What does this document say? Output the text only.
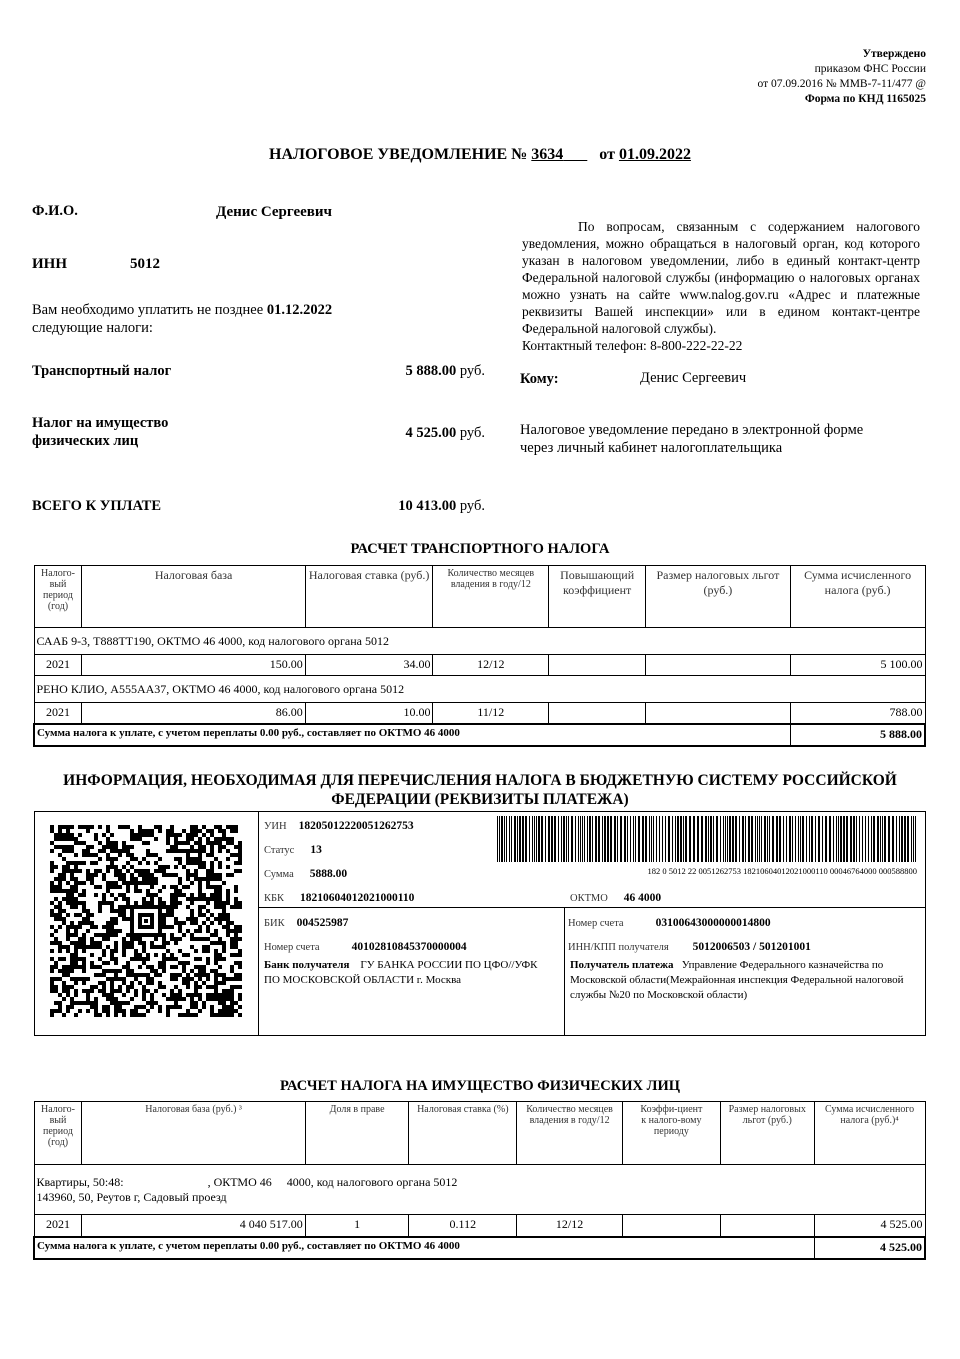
Утверждено
приказом ФНС России
от 07.09.2016 № ММВ-7-11/477 @
Форма по КНД 1165025
НАЛОГОВОЕ УВЕДОМЛЕНИЕ № 3634 от 01.09.2022
Ф.И.О.	Денис Сергеевич
ИНН	5012
Вам необходимо уплатить не позднее 01.12.2022
следующие налоги:
Транспортный налог	5 888.00 руб.
Налог на имущество
физических лиц	4 525.00 руб.
ВСЕГО К УПЛАТЕ	10 413.00 руб.
По вопросам, связанным с содержанием налогового уведомления, можно обращаться в налоговый орган, код которого указан в налоговом уведомлении, либо в единый контакт-центр Федеральной налоговой службы (информацию о налоговых органах можно узнать на сайте www.nalog.gov.ru «Адрес и платежные реквизиты Вашей инспекции» или в едином контакт-центре Федеральной налоговой службы).
Контактный телефон: 8-800-222-22-22
Кому:	Денис Сергеевич
Налоговое уведомление передано в электронной форме
через личный кабинет налогоплательщика
РАСЧЕТ ТРАНСПОРТНОГО НАЛОГА
Налого-вый период (год)	Налоговая база	Налоговая ставка (руб.)	Количество месяцев владения в году/12	Повышающий коэффициент	Размер налоговых льгот (руб.)	Сумма исчисленного налога (руб.)
СААБ 9-3, Т888ТТ190, ОКТМО 46 4000, код налогового органа 5012						
2021	150.00	34.00	12/12			5 100.00
РЕНО КЛИО, А555АА37, ОКТМО 46 4000, код налогового органа 5012						
2021	86.00	10.00	11/12			788.00
Сумма налога к уплате, с учетом переплаты 0.00 руб., составляет по ОКТМО 46 4000						5 888.00
ИНФОРМАЦИЯ, НЕОБХОДИМАЯ ДЛЯ ПЕРЕЧИСЛЕНИЯ НАЛОГА В БЮДЖЕТНУЮ СИСТЕМУ РОССИЙСКОЙ
ФЕДЕРАЦИИ (РЕКВИЗИТЫ ПЛАТЕЖА)
УИН 18205012220051262753
Статус 13
Сумма 5888.00
КБК 18210604012021000110	ОКТМО 46 4000
182 0 5012 22 0051262753 18210604012021000110 00046764000 000588800
БИК 004525987
Номер счета	40102810845370000004
Банк получателя ГУ БАНКА РОССИИ ПО ЦФО//УФК ПО МОСКОВСКОЙ ОБЛАСТИ г. Москва
Номер счета	03100643000000014800
ИНН/КПП получателя 5012006503 / 501201001
Получатель платежа Управление Федерального казначейства по Московской области(Межрайонная инспекция Федеральной налоговой службы №20 по Московской области)
РАСЧЕТ НАЛОГА НА ИМУЩЕСТВО ФИЗИЧЕСКИХ ЛИЦ
Налого-вый период (год)	Налоговая база (руб.) ³	Доля в праве	Налоговая ставка (%)	Количество месяцев владения в году/12	Коэффи-циент к налого-вому периоду	Размер налоговых льгот (руб.)	Сумма исчисленного налога (руб.)⁴

Квартиры, 50:48:                            , ОКТМО 46     4000, код налогового органа 5012
143960, 50, Реутов г, Садовый проезд							

2021	4 040 517.00	1	0.112	12/12			4 525.00
Сумма налога к уплате, с учетом переплаты 0.00 руб., составляет по ОКТМО 46 4000							4 525.00
